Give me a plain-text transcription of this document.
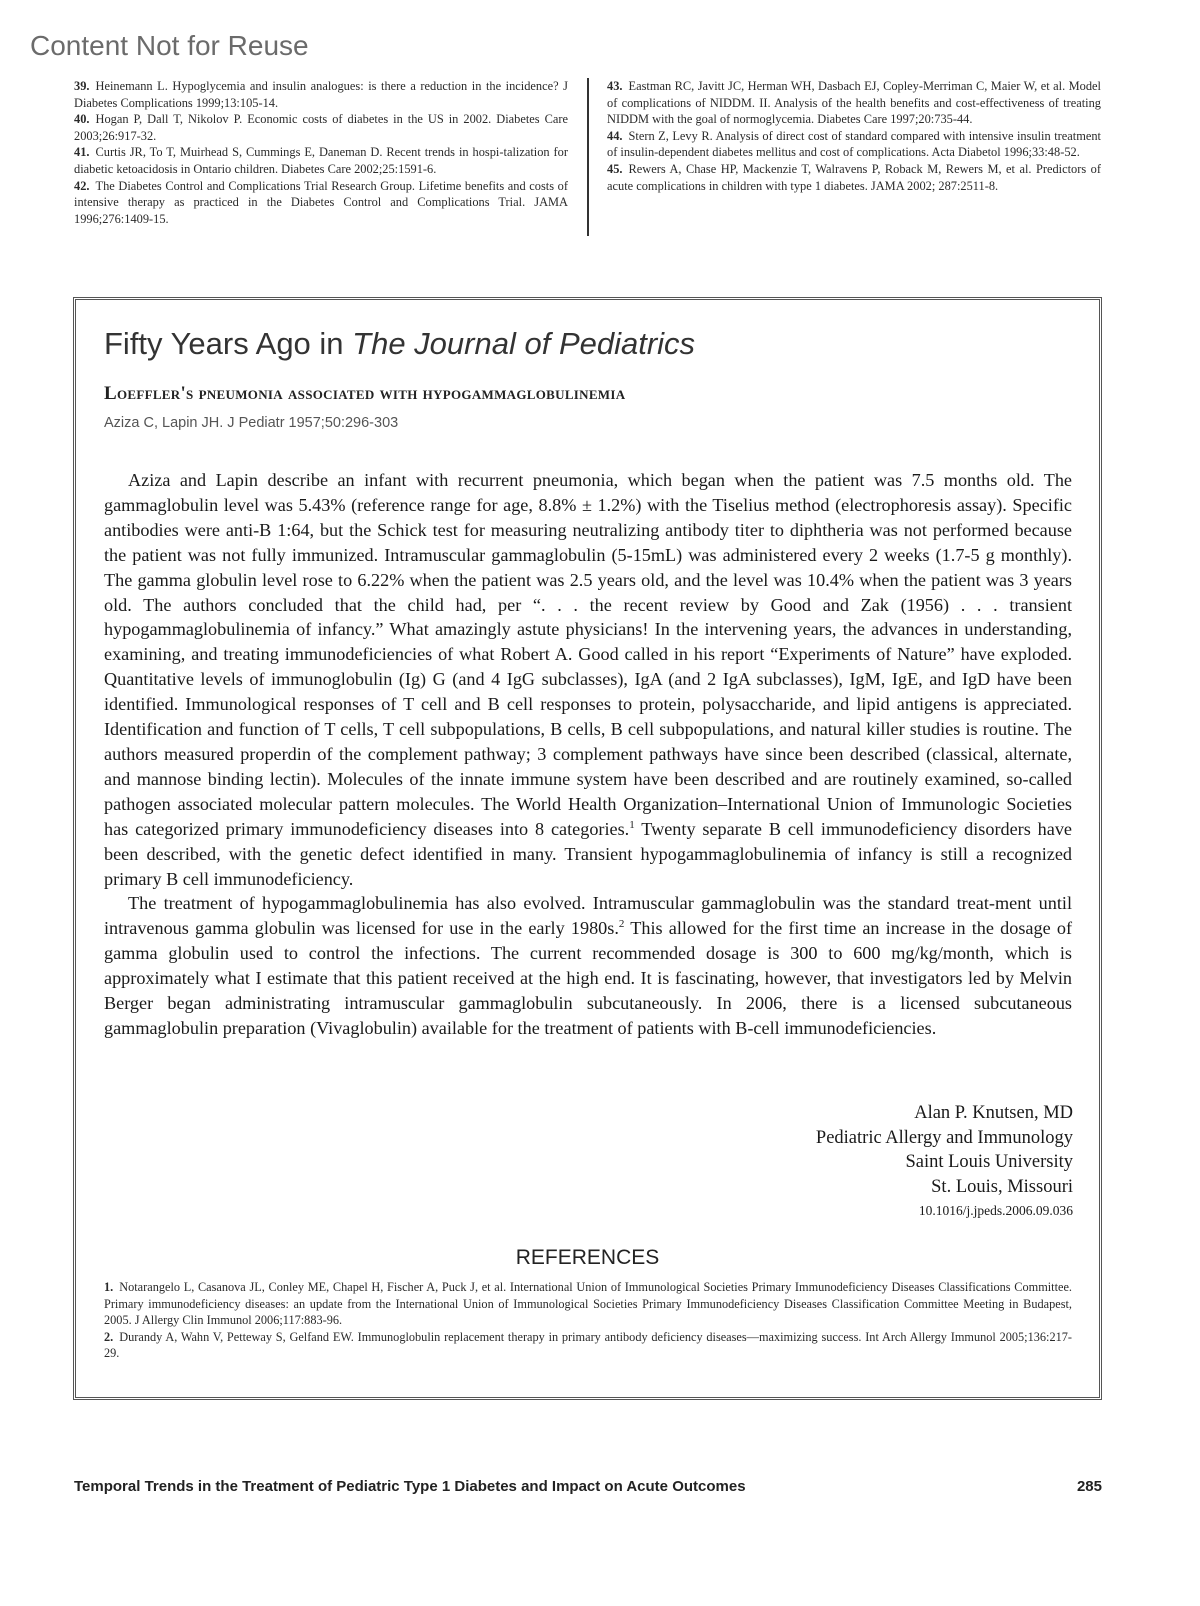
Content Not for Reuse
39. Heinemann L. Hypoglycemia and insulin analogues: is there a reduction in the incidence? J Diabetes Complications 1999;13:105-14.
40. Hogan P, Dall T, Nikolov P. Economic costs of diabetes in the US in 2002. Diabetes Care 2003;26:917-32.
41. Curtis JR, To T, Muirhead S, Cummings E, Daneman D. Recent trends in hospi-talization for diabetic ketoacidosis in Ontario children. Diabetes Care 2002;25:1591-6.
42. The Diabetes Control and Complications Trial Research Group. Lifetime benefits and costs of intensive therapy as practiced in the Diabetes Control and Complications Trial. JAMA 1996;276:1409-15.
43. Eastman RC, Javitt JC, Herman WH, Dasbach EJ, Copley-Merriman C, Maier W, et al. Model of complications of NIDDM. II. Analysis of the health benefits and cost-effectiveness of treating NIDDM with the goal of normoglycemia. Diabetes Care 1997;20:735-44.
44. Stern Z, Levy R. Analysis of direct cost of standard compared with intensive insulin treatment of insulin-dependent diabetes mellitus and cost of complications. Acta Diabetol 1996;33:48-52.
45. Rewers A, Chase HP, Mackenzie T, Walravens P, Roback M, Rewers M, et al. Predictors of acute complications in children with type 1 diabetes. JAMA 2002; 287:2511-8.
Fifty Years Ago in The Journal of Pediatrics
Loeffler's pneumonia associated with hypogammaglobulinemia
Aziza C, Lapin JH. J Pediatr 1957;50:296-303

Aziza and Lapin describe an infant with recurrent pneumonia, which began when the patient was 7.5 months old. The gammaglobulin level was 5.43% (reference range for age, 8.8% ± 1.2%) with the Tiselius method (electrophoresis assay). Specific antibodies were anti-B 1:64, but the Schick test for measuring neutralizing antibody titer to diphtheria was not performed because the patient was not fully immunized. Intramuscular gammaglobulin (5-15mL) was administered every 2 weeks (1.7-5 g monthly). The gamma globulin level rose to 6.22% when the patient was 2.5 years old, and the level was 10.4% when the patient was 3 years old. The authors concluded that the child had, per “. . . the recent review by Good and Zak (1956) . . . transient hypogammaglobulinemia of infancy.” What amazingly astute physicians! In the intervening years, the advances in understanding, examining, and treating immunodeficiencies of what Robert A. Good called in his report “Experiments of Nature” have exploded. Quantitative levels of immunoglobulin (Ig) G (and 4 IgG subclasses), IgA (and 2 IgA subclasses), IgM, IgE, and IgD have been identified. Immunological responses of T cell and B cell responses to protein, polysaccharide, and lipid antigens is appreciated. Identification and function of T cells, T cell subpopulations, B cells, B cell subpopulations, and natural killer studies is routine. The authors measured properdin of the complement pathway; 3 complement pathways have since been described (classical, alternate, and mannose binding lectin). Molecules of the innate immune system have been described and are routinely examined, so-called pathogen associated molecular pattern molecules. The World Health Organization–International Union of Immunologic Societies has categorized primary immunodeficiency diseases into 8 categories.$^1$ Twenty separate B cell immunodeficiency disorders have been described, with the genetic defect identified in many. Transient hypogammaglobulinemia of infancy is still a recognized primary B cell immunodeficiency.

The treatment of hypogammaglobulinemia has also evolved. Intramuscular gammaglobulin was the standard treat-ment until intravenous gamma globulin was licensed for use in the early 1980s.$^2$ This allowed for the first time an increase in the dosage of gamma globulin used to control the infections. The current recommended dosage is 300 to 600 mg/kg/month, which is approximately what I estimate that this patient received at the high end. It is fascinating, however, that investigators led by Melvin Berger began administrating intramuscular gammaglobulin subcutaneously. In 2006, there is a licensed subcutaneous gammaglobulin preparation (Vivaglobulin) available for the treatment of patients with B-cell immunodeficiencies.

Alan P. Knutsen, MD
Pediatric Allergy and Immunology
Saint Louis University
St. Louis, Missouri
10.1016/j.jpeds.2006.09.036
REFERENCES
1. Notarangelo L, Casanova JL, Conley ME, Chapel H, Fischer A, Puck J, et al. International Union of Immunological Societies Primary Immunodeficiency Diseases Classifications Committee. Primary immunodeficiency diseases: an update from the International Union of Immunological Societies Primary Immunodeficiency Diseases Classification Committee Meeting in Budapest, 2005. J Allergy Clin Immunol 2006;117:883-96.
2. Durandy A, Wahn V, Petteway S, Gelfand EW. Immunoglobulin replacement therapy in primary antibody deficiency diseases—maximizing success. Int Arch Allergy Immunol 2005;136:217-29.
Temporal Trends in the Treatment of Pediatric Type 1 Diabetes and Impact on Acute Outcomes	285
